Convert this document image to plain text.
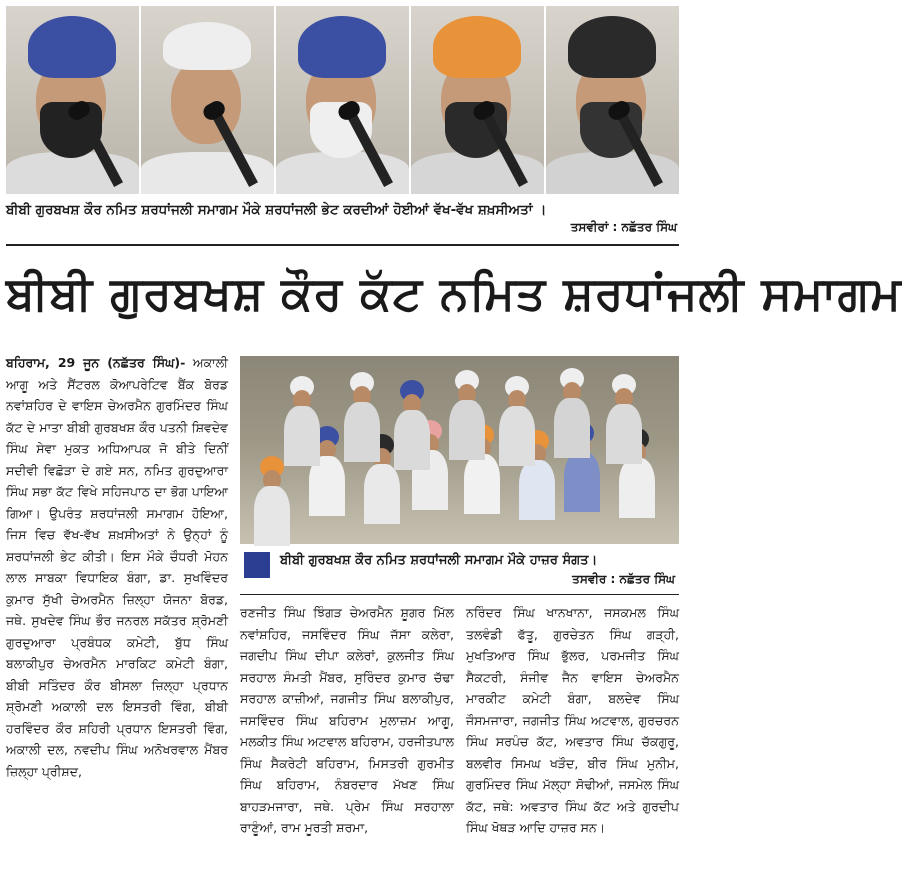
ਬੀਬੀ ਗੁਰਬਖਸ਼ ਕੌਰ ਨਮਿਤ ਸ਼ਰਧਾਂਜਲੀ ਸਮਾਗਮ ਮੌਕੇ ਸ਼ਰਧਾਂਜਲੀ ਭੇਟ ਕਰਦੀਆਂ ਹੋਈਆਂ ਵੱਖ-ਵੱਖ ਸ਼ਖ਼ਸੀਅਤਾਂ ।
ਤਸਵੀਰਾਂ : ਨਛੱਤਰ ਸਿੰਘ
ਬੀਬੀ ਗੁਰਬਖਸ਼ ਕੌਰ ਕੱਟ ਨਮਿਤ ਸ਼ਰਧਾਂਜਲੀ ਸਮਾਗਮ

ਬਹਿਰਾਮ, 29 ਜੂਨ (ਨਛੱਤਰ ਸਿੰਘ)- ਅਕਾਲੀ ਆਗੂ ਅਤੇ ਸੈਂਟਰਲ ਕੋਆਪਰੇਟਿਵ ਬੈਂਕ ਬੋਰਡ ਨਵਾਂਸ਼ਹਿਰ ਦੇ ਵਾਇਸ ਚੇਅਰਮੈਨ ਗੁਰਮਿੰਦਰ ਸਿੰਘ ਕੱਟ ਦੇ ਮਾਤਾ ਬੀਬੀ ਗੁਰਬਖਸ਼ ਕੌਰ ਪਤਨੀ ਸ਼ਿਵਦੇਵ ਸਿੰਘ ਸੇਵਾ ਮੁਕਤ ਅਧਿਆਪਕ ਜੋ ਬੀਤੇ ਦਿਨੀਂ ਸਦੀਵੀ ਵਿਛੋੜਾ ਦੇ ਗਏ ਸਨ, ਨਮਿਤ ਗੁਰਦੁਆਰਾ ਸਿੰਘ ਸਭਾ ਕੱਟ ਵਿਖੇ ਸਹਿਜਪਾਠ ਦਾ ਭੋਗ ਪਾਇਆ ਗਿਆ। ਉਪਰੰਤ ਸ਼ਰਧਾਂਜਲੀ ਸਮਾਗਮ ਹੋਇਆ, ਜਿਸ ਵਿਚ ਵੱਖ-ਵੱਖ ਸ਼ਖ਼ਸੀਅਤਾਂ ਨੇ ਉਨ੍ਹਾਂ ਨੂੰ ਸ਼ਰਧਾਂਜਲੀ ਭੇਟ ਕੀਤੀ। ਇਸ ਮੌਕੇ ਚੌਧਰੀ ਮੋਹਨ ਲਾਲ ਸਾਬਕਾ ਵਿਧਾਇਕ ਬੰਗਾ, ਡਾ. ਸੁਖਵਿੰਦਰ ਕੁਮਾਰ ਸੁੱਖੀ ਚੇਅਰਮੈਨ ਜ਼ਿਲ੍ਹਾ ਯੋਜਨਾ ਬੋਰਡ, ਜਥੇ. ਸੁਖਦੇਵ ਸਿੰਘ ਭੌਰ ਜਨਰਲ ਸਕੱਤਰ ਸ਼੍ਰੋਮਣੀ ਗੁਰਦੁਆਰਾ ਪ੍ਰਬੰਧਕ ਕਮੇਟੀ, ਬੁੱਧ ਸਿੰਘ ਬਲਾਕੀਪੁਰ ਚੇਅਰਮੈਨ ਮਾਰਕਿਟ ਕਮੇਟੀ ਬੰਗਾ, ਬੀਬੀ ਸਤਿੰਦਰ ਕੌਰ ਬੀਸਲਾ ਜ਼ਿਲ੍ਹਾ ਪ੍ਰਧਾਨ ਸ਼੍ਰੋਮਣੀ ਅਕਾਲੀ ਦਲ ਇਸਤਰੀ ਵਿੰਗ, ਬੀਬੀ ਹਰਵਿੰਦਰ ਕੌਰ ਸ਼ਹਿਰੀ ਪ੍ਰਧਾਨ ਇਸਤਰੀ ਵਿੰਗ, ਅਕਾਲੀ ਦਲ, ਨਵਦੀਪ ਸਿੰਘ ਅਨੋਖਰਵਾਲ ਮੈਂਬਰ ਜ਼ਿਲ੍ਹਾ ਪ੍ਰੀਸ਼ਦ,

ਬੀਬੀ ਗੁਰਬਖਸ਼ ਕੌਰ ਨਮਿਤ ਸ਼ਰਧਾਂਜਲੀ ਸਮਾਗਮ ਮੌਕੇ ਹਾਜ਼ਰ ਸੰਗਤ।
ਤਸਵੀਰ : ਨਛੱਤਰ ਸਿੰਘ

ਰਣਜੀਤ ਸਿੰਘ ਝਿੰਗੜ ਚੇਅਰਮੈਨ ਸ਼ੂਗਰ ਮਿੱਲ ਨਵਾਂਸ਼ਹਿਰ, ਜਸਵਿੰਦਰ ਸਿੰਘ ਜੱਸਾ ਕਲੇਰਾ, ਜਗਦੀਪ ਸਿੰਘ ਦੀਪਾ ਕਲੇਰਾਂ, ਕੁਲਜੀਤ ਸਿੰਘ ਸਰਹਾਲ ਸੰਮਤੀ ਮੈਂਬਰ, ਸੁਰਿੰਦਰ ਕੁਮਾਰ ਚੱਢਾ ਸਰਹਾਲ ਕਾਜ਼ੀਆਂ, ਜਗਜੀਤ ਸਿੰਘ ਬਲਾਕੀਪੁਰ, ਜਸਵਿੰਦਰ ਸਿੰਘ ਬਹਿਰਾਮ ਮੁਲਾਜ਼ਮ ਆਗੂ, ਮਲਕੀਤ ਸਿੰਘ ਅਟਵਾਲ ਬਹਿਰਾਮ, ਹਰਜੀਤਪਾਲ ਸਿੰਘ ਸੈਕਰੇਟੀ ਬਹਿਰਾਮ, ਮਿਸਤਰੀ ਗੁਰਮੀਤ ਸਿੰਘ ਬਹਿਰਾਮ, ਨੰਬਰਦਾਰ ਮੱਖਣ ਸਿੰਘ ਬਾਹੜਮਜਾਰਾ, ਜਥੇ. ਪ੍ਰੇਮ ਸਿੰਘ ਸਰਹਾਲਾ ਰਾਣੂੰਆਂ, ਰਾਮ ਮੂਰਤੀ ਸ਼ਰਮਾ,

ਨਰਿੰਦਰ ਸਿੰਘ ਖਾਨਖਾਨਾ, ਜਸਕਮਲ ਸਿੰਘ ਤਲਵੰਡੀ ਫੱਤੂ, ਗੁਰਚੇਤਨ ਸਿੰਘ ਗੜ੍ਹੀ, ਮੁਖਤਿਆਰ ਸਿੰਘ ਭੁੱਲਰ, ਪਰਮਜੀਤ ਸਿੰਘ ਸੈਕਟਰੀ, ਸੰਜੀਵ ਜੈਨ ਵਾਇਸ ਚੇਅਰਮੈਨ ਮਾਰਕੀਟ ਕਮੇਟੀ ਬੰਗਾ, ਬਲਦੇਵ ਸਿੰਘ ਜੌਸਮਜਾਰਾ, ਜਗਜੀਤ ਸਿੰਘ ਅਟਵਾਲ, ਗੁਰਚਰਨ ਸਿੰਘ ਸਰਪੰਚ ਕੱਟ, ਅਵਤਾਰ ਸਿੰਘ ਚੱਕਗੁਰੂ, ਬਲਵੀਰ ਸਿਮਘ ਖੜੌਦ, ਬੀਰ ਸਿੰਘ ਮੁਨੀਮ, ਗੁਰਮਿੰਦਰ ਸਿੰਘ ਮੱਲ੍ਹਾ ਸੋਢੀਆਂ, ਜਸਮੇਲ ਸਿੰਘ ਕੱਟ, ਜਥੇ: ਅਵਤਾਰ ਸਿੰਘ ਕੱਟ ਅਤੇ ਗੁਰਦੀਪ ਸਿੰਘ ਖੋਥੜ ਆਦਿ ਹਾਜ਼ਰ ਸਨ।
